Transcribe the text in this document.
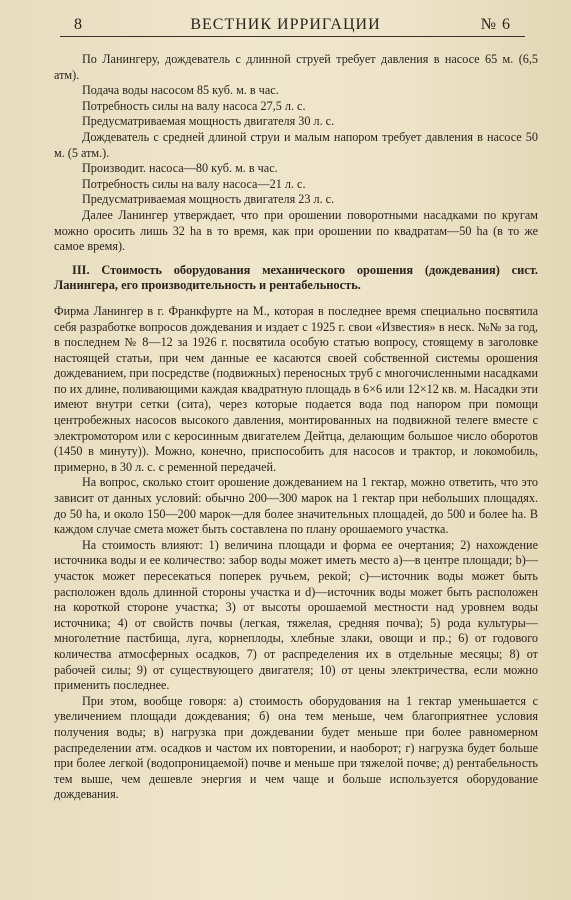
8	ВЕСТНИК ИРРИГАЦИИ	№ 6

По Ланингеру, дождеватель с длинной струей требует давления в насосе 65 м. (6,5 атм).

Подача воды насосом 85 куб. м. в час.

Потребность силы на валу насоса 27,5 л. с.

Предусматриваемая мощность двигателя 30 л. с.

Дождеватель с средней длиной струи и малым напором требует давления в насосе 50 м. (5 атм.).

Производит. насоса—80 куб. м. в час.

Потребность силы на валу насоса—21 л. с.

Предусматриваемая мощность двигателя 23 л. с.

Далее Ланингер утверждает, что при орошении поворотными насадками по кругам можно оросить лишь 32 ha в то время, как при орошении по квадратам—50 ha (в то же самое время).

III. Стоимость оборудования механического орошения (дождевания) сист. Ланингера, его производительность и рентабельность.

Фирма Ланингер в г. Франкфурте на М., которая в последнее время специально посвятила себя разработке вопросов дождевания и издает с 1925 г. свои «Известия» в неск. №№ за год, в последнем № 8—12 за 1926 г. посвятила особую статью вопросу, стоящему в заголовке настоящей статьи, при чем данные ее касаются своей собственной системы орошения дождеванием, при посредстве (подвижных) переносных труб с многочисленными насадками по их длине, поливающими каждая квадратную площадь в 6×6 или 12×12 кв. м. Насадки эти имеют внутри сетки (сита), через которые подается вода под напором при помощи центробежных насосов высокого давления, монтированных на подвижной телеге вместе с электромотором или с керосинным двигателем Дейтца, делающим большое число оборотов (1450 в минуту)). Можно, конечно, приспособить для насосов и трактор, и локомобиль, примерно, в 30 л. с. с ременной передачей.

На вопрос, сколько стоит орошение дождеванием на 1 гектар, можно ответить, что это зависит от данных условий: обычно 200—300 марок на 1 гектар при небольших площадях. до 50 ha, и около 150—200 марок—для более значительных площадей, до 500 и более ha. В каждом случае смета может быть составлена по плану орошаемого участка.

На стоимость влияют: 1) величина площади и форма ее очертания; 2) нахождение источника воды и ее количество: забор воды может иметь место а)—в центре площади; b)—участок может пересекаться поперек ручьем, рекой; с)—источник воды может быть расположен вдоль длинной стороны участка и d)—источник воды может быть расположен на короткой стороне участка; 3) от высоты орошаемой местности над уровнем воды источника; 4) от свойств почвы (легкая, тяжелая, средняя почва); 5) рода культуры—многолетние пастбища, луга, корнеплоды, хлебные злаки, овощи и пр.; 6) от годового количества атмосферных осадков, 7) от распределения их в отдельные месяцы; 8) от рабочей силы; 9) от существующего двигателя; 10) от цены электричества, если можно применить последнее.

При этом, вообще говоря: а) стоимость оборудования на 1 гектар уменьшается с увеличением площади дождевания; б) она тем меньше, чем благоприятнее условия получения воды; в) нагрузка при дождевании будет меньше при более равномерном распределении атм. осадков и частом их повторении, и наоборот; г) нагрузка будет больше при более легкой (водопроницаемой) почве и меньше при тяжелой почве; д) рентабельность тем выше, чем дешевле энергия и чем чаще и больше используется оборудование дождевания.
